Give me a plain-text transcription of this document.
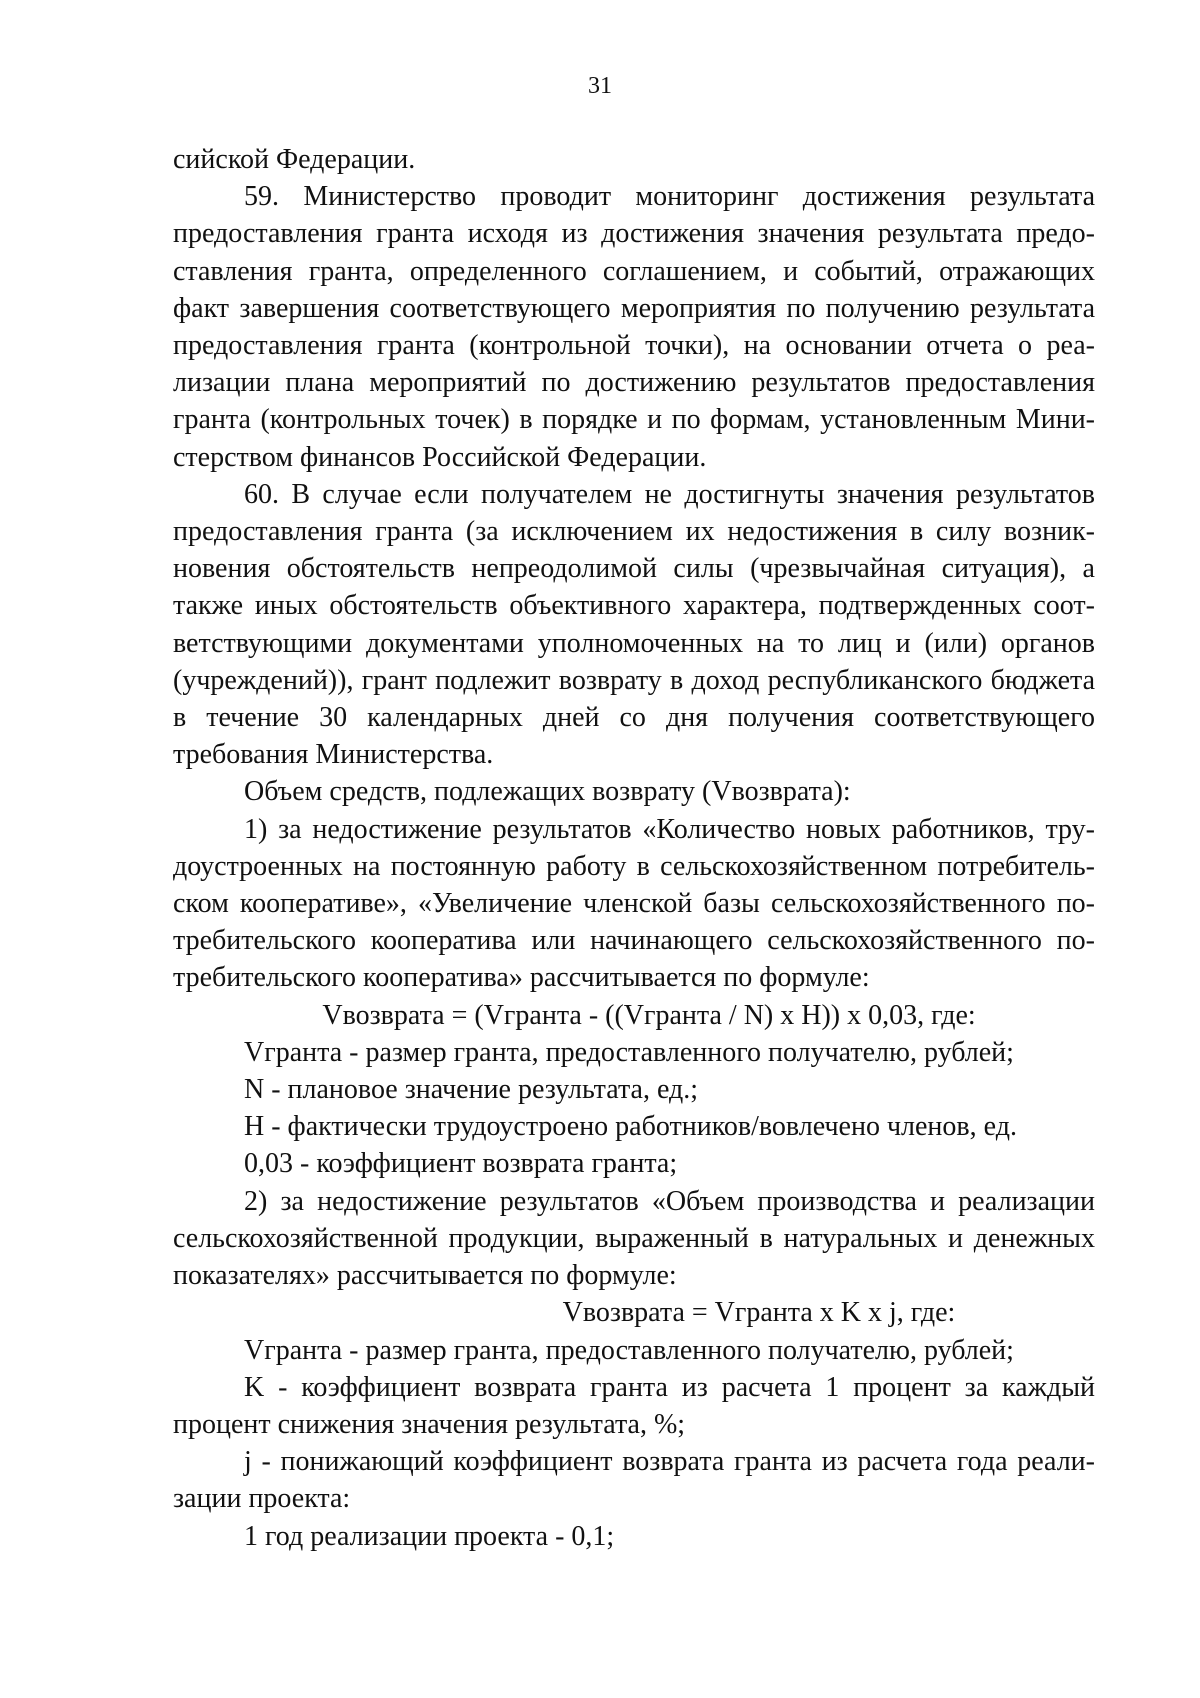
31

сийской Федерации.

59. Министерство проводит мониторинг достижения результата предоставления гранта исходя из достижения значения результата предоставления гранта, определенного соглашением, и событий, отражающих факт завершения соответствующего мероприятия по получению результата предоставления гранта (контрольной точки), на основании отчета о реализации плана мероприятий по достижению результатов предоставления гранта (контрольных точек) в порядке и по формам, установленным Министерством финансов Российской Федерации.

60. В случае если получателем не достигнуты значения результатов предоставления гранта (за исключением их недостижения в силу возникновения обстоятельств непреодолимой силы (чрезвычайная ситуация), а также иных обстоятельств объективного характера, подтвержденных соответствующими документами уполномоченных на то лиц и (или) органов (учреждений)), грант подлежит возврату в доход республиканского бюджета в течение 30 календарных дней со дня получения соответствующего требования Министерства.

Объем средств, подлежащих возврату (Vвозврата):

1) за недостижение результатов «Количество новых работников, трудоустроенных на постоянную работу в сельскохозяйственном потребительском кооперативе», «Увеличение членской базы сельскохозяйственного потребительского кооператива или начинающего сельскохозяйственного потребительского кооператива» рассчитывается по формуле:

Vвозврата = (Vгранта - ((Vгранта / N) x H)) x 0,03, где:

Vгранта - размер гранта, предоставленного получателю, рублей;

N - плановое значение результата, ед.;

H - фактически трудоустроено работников/вовлечено членов, ед.

0,03 - коэффициент возврата гранта;

2) за недостижение результатов «Объем производства и реализации сельскохозяйственной продукции, выраженный в натуральных и денежных показателях» рассчитывается по формуле:

Vвозврата = Vгранта x K x j, где:

Vгранта - размер гранта, предоставленного получателю, рублей;

K - коэффициент возврата гранта из расчета 1 процент за каждый процент снижения значения результата, %;

j - понижающий коэффициент возврата гранта из расчета года реализации проекта:

1 год реализации проекта - 0,1;
